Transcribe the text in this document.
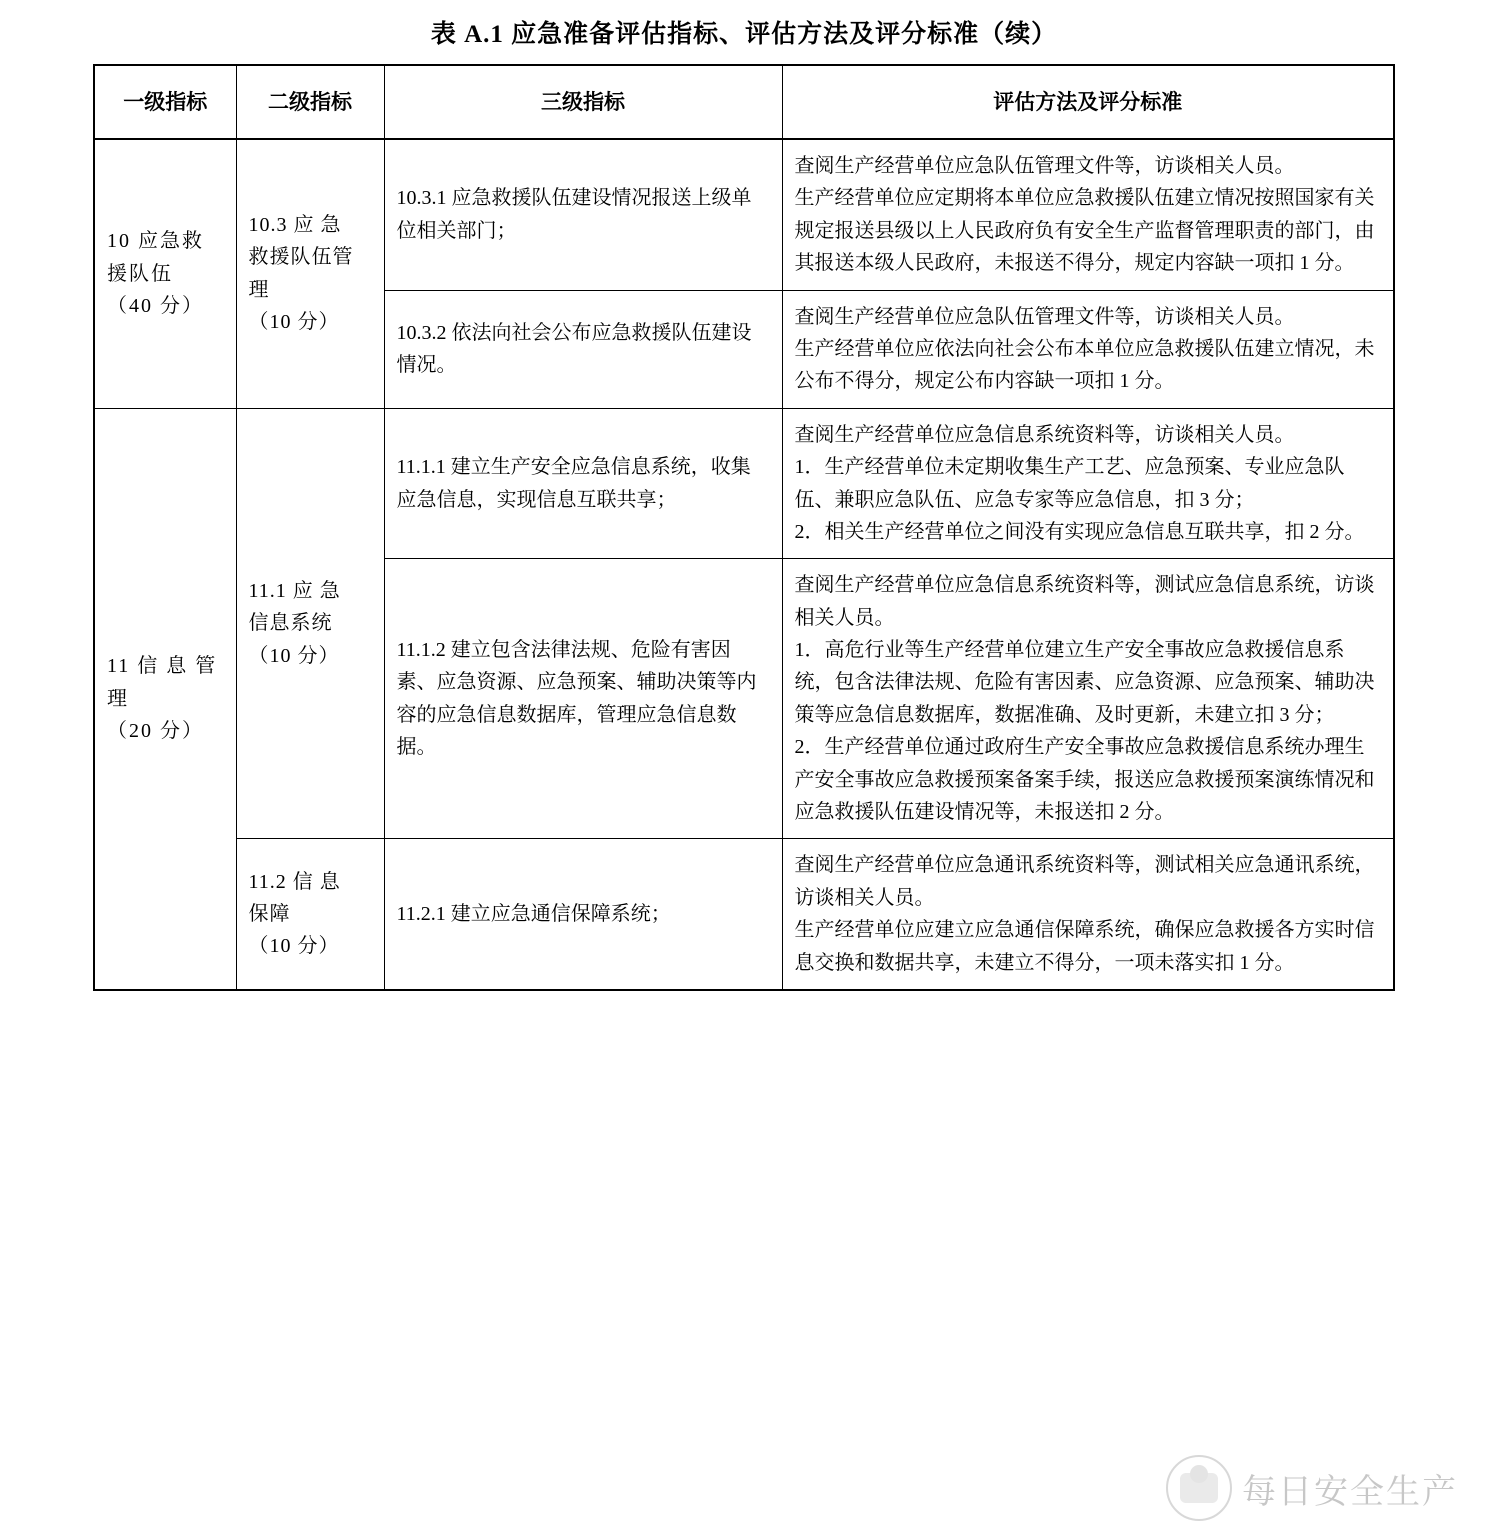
表 A.1 应急准备评估指标、评估方法及评分标准（续）
一级指标	二级指标	三级指标	评估方法及评分标准

10 应急救
援队伍
（40 分）	10.3 应 急
救援队伍管
理
（10 分）	10.3.1 应急救援队伍建设情况报送上级单位相关部门；	查阅生产经营单位应急队伍管理文件等，访谈相关人员。
生产经营单位应定期将本单位应急救援队伍建立情况按照国家有关规定报送县级以上人民政府负有安全生产监督管理职责的部门，由其报送本级人民政府，未报送不得分，规定内容缺一项扣 1 分。

		10.3.2 依法向社会公布应急救援队伍建设情况。	查阅生产经营单位应急队伍管理文件等，访谈相关人员。
生产经营单位应依法向社会公布本单位应急救援队伍建立情况，未公布不得分，规定公布内容缺一项扣 1 分。

11 信 息 管
理
（20 分）	11.1 应 急
信息系统
（10 分）	11.1.1 建立生产安全应急信息系统，收集应急信息，实现信息互联共享；	查阅生产经营单位应急信息系统资料等，访谈相关人员。
1．生产经营单位未定期收集生产工艺、应急预案、专业应急队伍、兼职应急队伍、应急专家等应急信息，扣 3 分；
2．相关生产经营单位之间没有实现应急信息互联共享，扣 2 分。

		11.1.2 建立包含法律法规、危险有害因素、应急资源、应急预案、辅助决策等内容的应急信息数据库，管理应急信息数据。	查阅生产经营单位应急信息系统资料等，测试应急信息系统，访谈相关人员。
1．高危行业等生产经营单位建立生产安全事故应急救援信息系统，包含法律法规、危险有害因素、应急资源、应急预案、辅助决策等应急信息数据库，数据准确、及时更新，未建立扣 3 分；
2．生产经营单位通过政府生产安全事故应急救援信息系统办理生产安全事故应急救援预案备案手续，报送应急救援预案演练情况和应急救援队伍建设情况等，未报送扣 2 分。

	11.2 信 息
保障
（10 分）	11.2.1 建立应急通信保障系统；	查阅生产经营单位应急通讯系统资料等，测试相关应急通讯系统，访谈相关人员。
生产经营单位应建立应急通信保障系统，确保应急救援各方实时信息交换和数据共享，未建立不得分，一项未落实扣 1 分。
每日安全生产
